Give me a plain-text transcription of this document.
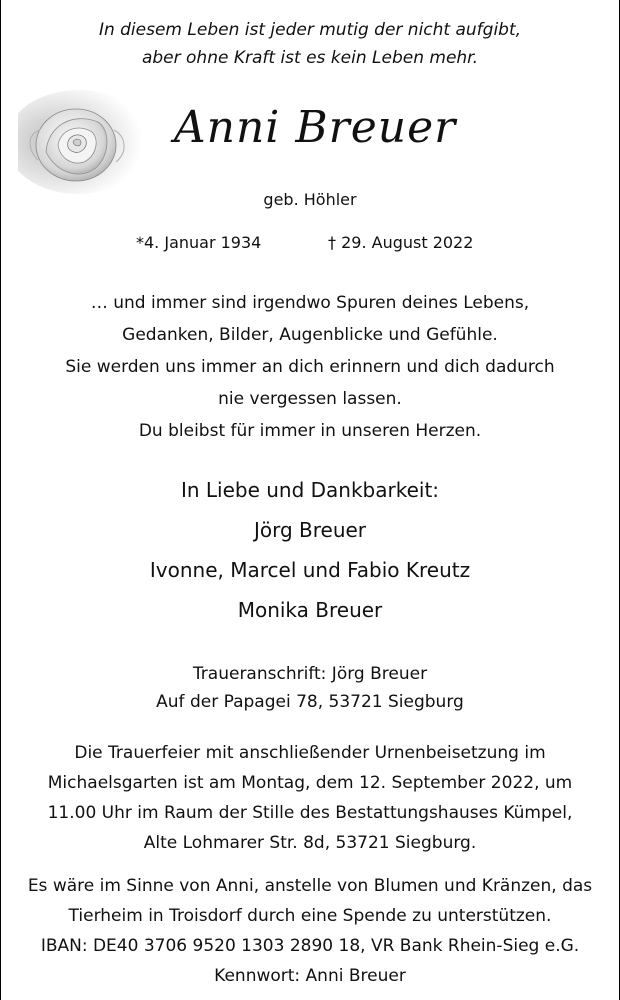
In diesem Leben ist jeder mutig der nicht aufgibt,
aber ohne Kraft ist es kein Leben mehr.
Anni Breuer
geb. Höhler
*4. Januar 1934	† 29. August 2022
… und immer sind irgendwo Spuren deines Lebens,
Gedanken, Bilder, Augenblicke und Gefühle.
Sie werden uns immer an dich erinnern und dich dadurch
nie vergessen lassen.
Du bleibst für immer in unseren Herzen.
In Liebe und Dankbarkeit:
Jörg Breuer
Ivonne, Marcel und Fabio Kreutz
Monika Breuer
Traueranschrift: Jörg Breuer
Auf der Papagei 78, 53721 Siegburg
Die Trauerfeier mit anschließender Urnenbeisetzung im
Michaelsgarten ist am Montag, dem 12. September 2022, um
11.00 Uhr im Raum der Stille des Bestattungshauses Kümpel,
Alte Lohmarer Str. 8d, 53721 Siegburg.
Es wäre im Sinne von Anni, anstelle von Blumen und Kränzen, das
Tierheim in Troisdorf durch eine Spende zu unterstützen.
IBAN: DE40 3706 9520 1303 2890 18, VR Bank Rhein-Sieg e.G.
Kennwort: Anni Breuer
